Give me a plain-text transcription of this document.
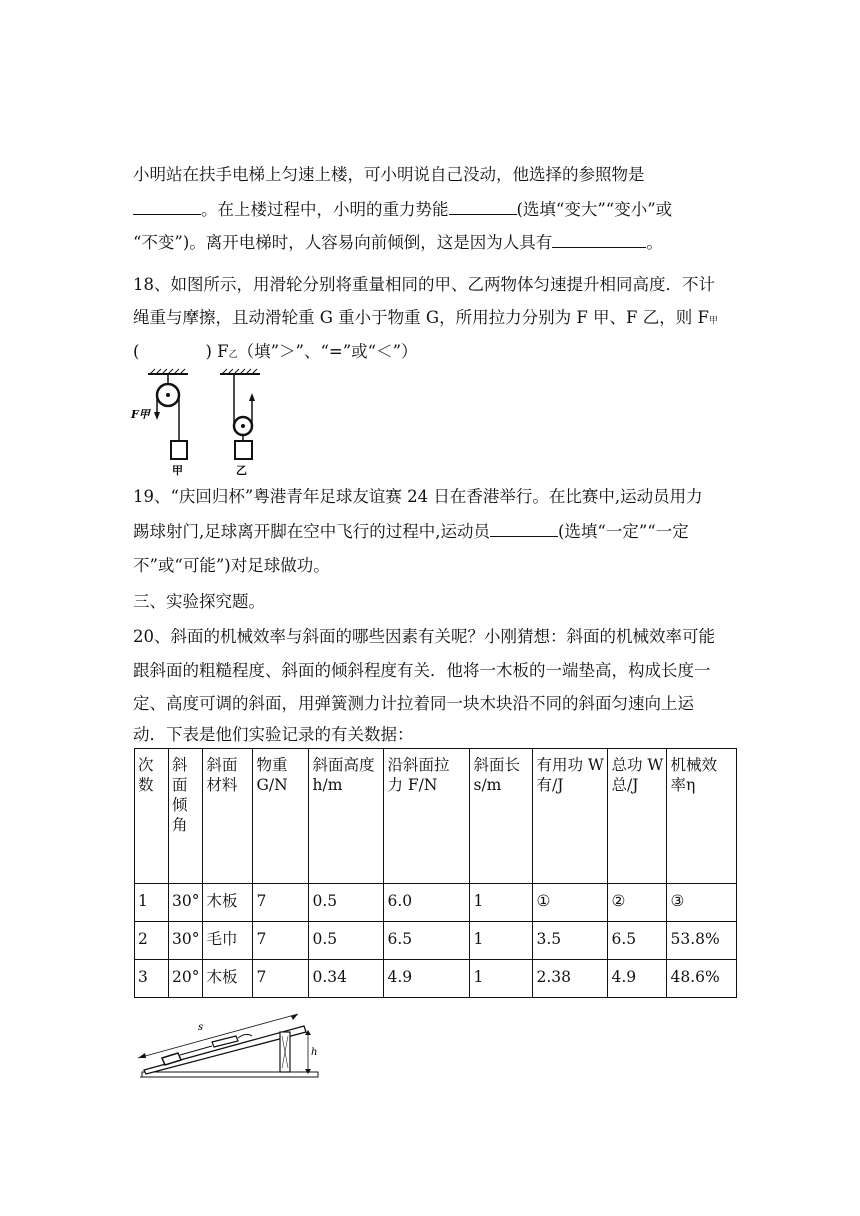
小明站在扶手电梯上匀速上楼，可小明说自己没动，他选择的参照物是

。在上楼过程中，小明的重力势能	(选填“变大”“变小”或

“不变”)。离开电梯时，人容易向前倾倒，这是因为人具有	。

18、如图所示，用滑轮分别将重量相同的甲、乙两物体匀速提升相同高度．不计

绳重与摩擦，且动滑轮重 G 重小于物重 G，所用拉力分别为 F 甲、F 乙，则 F甲

(	) F乙（填”＞”、“=”或“＜”）

F甲
甲	乙

19、“庆回归杯”粤港青年足球友谊赛 24 日在香港举行。在比赛中,运动员用力

踢球射门,足球离开脚在空中飞行的过程中,运动员	(选填“一定”“一定

不”或“可能”)对足球做功。

三、实验探究题。

20、斜面的机械效率与斜面的哪些因素有关呢？小刚猜想：斜面的机械效率可能

跟斜面的粗糙程度、斜面的倾斜程度有关．他将一木板的一端垫高，构成长度一

定、高度可调的斜面，用弹簧测力计拉着同一块木块沿不同的斜面匀速向上运

动．下表是他们实验记录的有关数据：

次
数	斜
面
倾
角	斜面
材料	物重
G/N	斜面高度
h/m	沿斜面拉
力 F/N	斜面长
s/m	有用功 W
有/J	总功 W
总/J	机械效
率η
1	30°	木板	7	0.5	6.0	1	①	②	③
2	30°	毛巾	7	0.5	6.5	1	3.5	6.5	53.8%
3	20°	木板	7	0.34	4.9	1	2.38	4.9	48.6%
s
h
